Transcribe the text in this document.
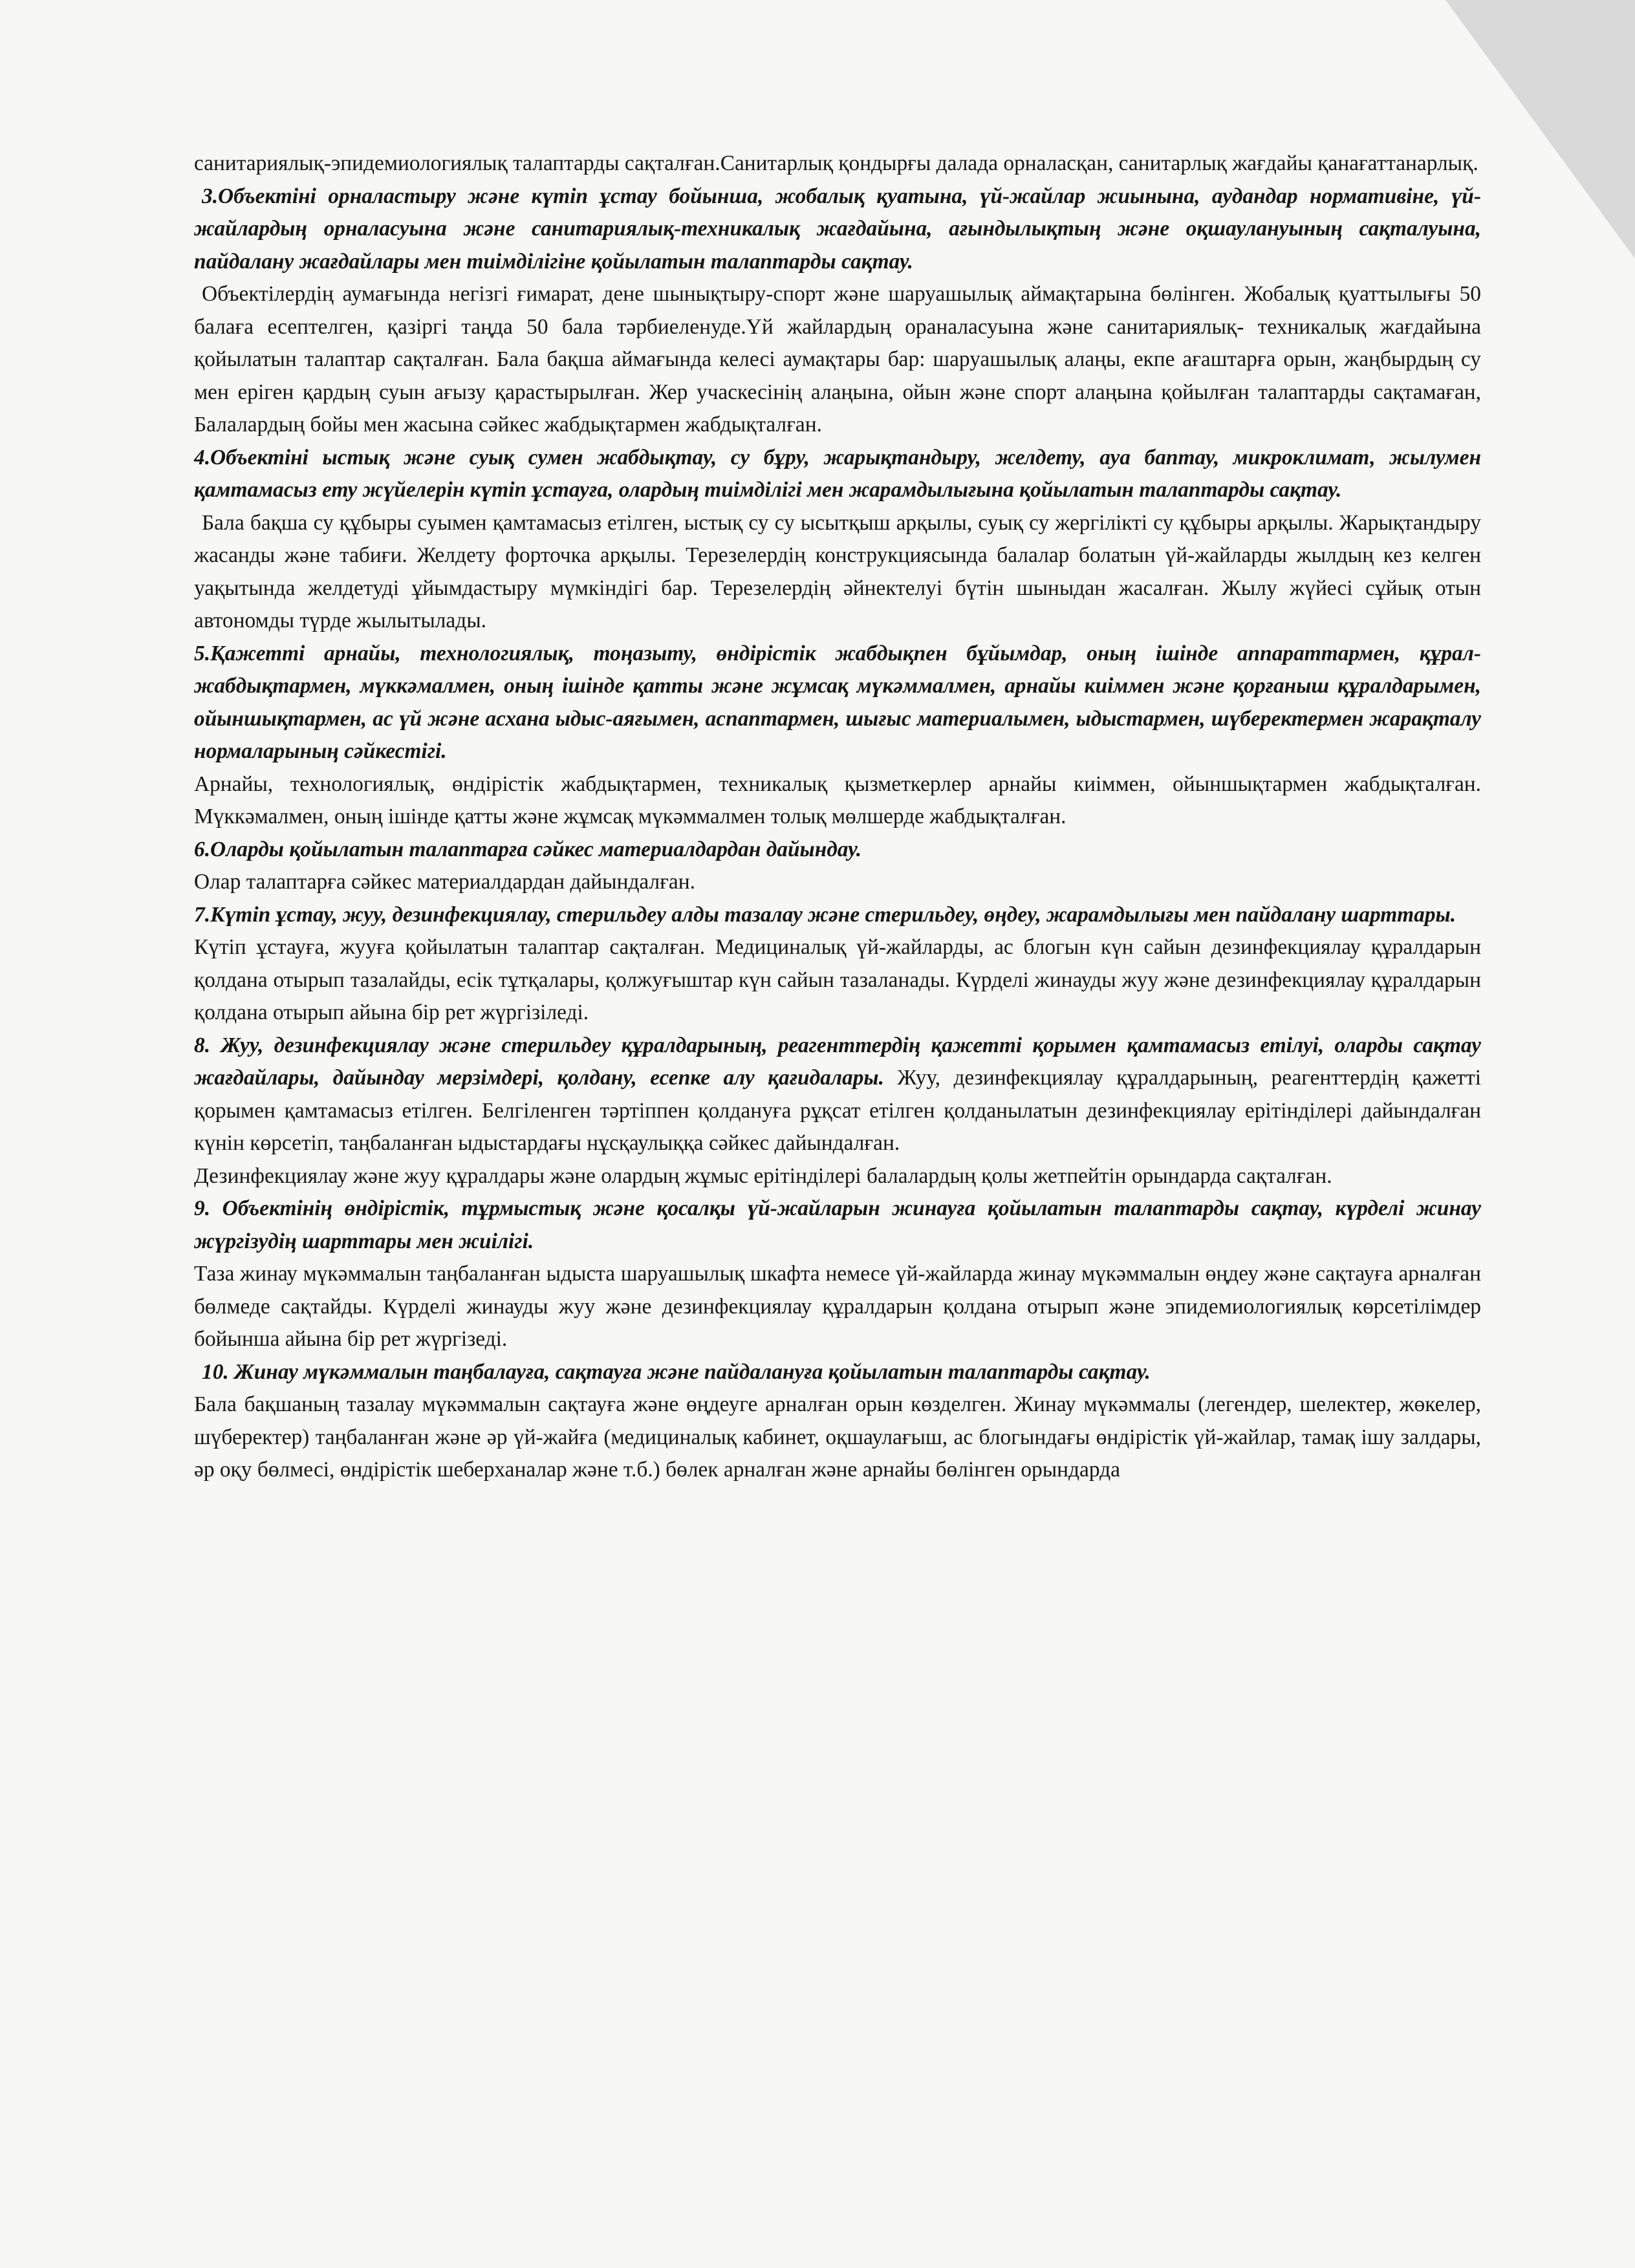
санитариялық-эпидемиологиялық талаптарды сақталған.Санитарлық қондырғы далада орналасқан, санитарлық жағдайы қанағаттанарлық.

3.Объектіні орналастыру және күтіп ұстау бойынша, жобалық қуатына, үй-жайлар жиынына, аудандар нормативіне, үй-жайлардың орналасуына және санитариялық-техникалық жағдайына, ағындылықтың және оқшауланyының сақталуына, пайдалану жағдайлары мен тиімділігіне қойылатын талаптарды сақтау.

Объектілердің аумағында негізгі ғимарат, дене шынықтыру-спорт және шаруашылық аймақтарына бөлінген. Жобалық қуаттылығы 50 балаға есептелген, қазіргі таңда 50 бала тәрбиеленуде.Үй жайлардың ораналасуына және санитариялық- техникалық жағдайына қойылатын талаптар сақталған. Бала бақша аймағында келесі аумақтары бар: шаруашылық алаңы, екпе ағаштарға орын, жаңбырдың су мен еріген қардың суын ағызу қарастырылған. Жер учаскесінің алаңына, ойын және спорт алаңына қойылған талаптарды сақтамаған, Балалардың бойы мен жасына сәйкес жабдықтармен жабдықталған.

4.Объектіні ыстық және суық сумен жабдықтау, су бұру, жарықтандыру, желдету, ауа баптау, микроклимат, жылумен қамтамасыз ету жүйелерін күтіп ұстауға, олардың тиімділігі мен жарамдылығына қойылатын талаптарды сақтау.

Бала бақша су құбыры суымен қамтамасыз етілген, ыстық су су ысытқыш арқылы, суық су жергілікті су құбыры арқылы. Жарықтандыру жасанды және табиғи. Желдету форточка арқылы. Терезелердің конструкциясында балалар болатын үй-жайларды жылдың кез келген уақытында желдетуді ұйымдастыру мүмкіндігі бар. Терезелердің әйнектелуі бүтін шыныдан жасалған. Жылу жүйесі сұйық отын автономды түрде жылытылады.

5.Қажетті арнайы, технологиялық, тоңазыту, өндірістік жабдықпен бұйымдар, оның ішінде аппараттармен, құрал-жабдықтармен, мүккәмалмен, оның ішінде қатты және жұмсақ мүкәммалмен, арнайы киіммен және қорғаныш құралдарымен, ойыншықтармен, ас үй және асхана ыдыс-аяғымен, аспаптармен, шығыс материалымен, ыдыстармен, шүберектермен жарақталу нормаларының сәйкестігі.

Арнайы, технологиялық, өндірістік жабдықтармен, техникалық қызметкерлер арнайы киіммен, ойыншықтармен жабдықталған. Мүккәмалмен, оның ішінде қатты және жұмсақ мүкәммалмен толық мөлшерде жабдықталған.

6.Оларды қойылатын талаптарға сәйкес материалдардан дайындау.

Олар талаптарға сәйкес материалдардан дайындалған.

7.Күтіп ұстау, жуу, дезинфекциялау, стерильдеу алды тазалау және стерильдеу, өңдеу, жарамдылығы мен пайдалану шарттары.

Күтіп ұстауға, жууға қойылатын талаптар сақталған. Медициналық үй-жайларды, ас блогын күн сайын дезинфекциялау құралдарын қолдана отырып тазалайды, есік тұтқалары, қолжуғыштар күн сайын тазаланады. Күрделі жинауды жуу және дезинфекциялау құралдарын қолдана отырып айына бір рет жүргізіледі.

8. Жуу, дезинфекциялау және стерильдеу құралдарының, реагенттердің қажетті қорымен қамтамасыз етілуі, оларды сақтау жағдайлары, дайындау мерзімдері, қолдану, есепке алу қағидалары. Жуу, дезинфекциялау құралдарының, реагенттердің қажетті қорымен қамтамасыз етілген. Белгіленген тәртіппен қолдануға рұқсат етілген қолданылатын дезинфекциялау ерітінділері дайындалған күнін көрсетіп, таңбаланған ыдыстардағы нұсқаулыққа сәйкес дайындалған.

Дезинфекциялау және жуу құралдары және олардың жұмыс ерітінділері балалардың қолы жетпейтін орындарда сақталған.

9. Объектінің өндірістік, тұрмыстық және қосалқы үй-жайларын жинауға қойылатын талаптарды сақтау, күрделі жинау жүргізудің шарттары мен жиілігі.

Таза жинау мүкәммалын таңбаланған ыдыста шаруашылық шкафта немесе үй-жайларда жинау мүкәммалын өңдеу және сақтауға арналған бөлмеде сақтайды. Күрделі жинауды жуу және дезинфекциялау құралдарын қолдана отырып және эпидемиологиялық көрсетілімдер бойынша айына бір рет жүргізеді.

10. Жинау мүкәммалын таңбалауға, сақтауға және пайдалануға қойылатын талаптарды сақтау.

Бала бақшаның тазалау мүкәммалын сақтауға және өңдеуге арналған орын көзделген. Жинау мүкәммалы (легендер, шелектер, жөкелер, шүберектер) таңбаланған және әр үй-жайға (медициналық кабинет, оқшаулағыш, ас блогындағы өндірістік үй-жайлар, тамақ ішу залдары, әр оқу бөлмесі, өндірістік шеберханалар және т.б.) бөлек арналған және арнайы бөлінген орындарда
